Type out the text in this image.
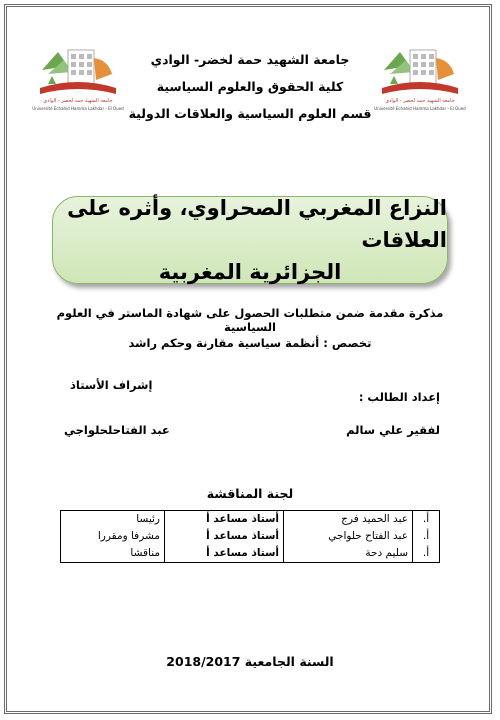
جامعة الشهيد حمه لخضر - الوادي
Université Echahid Hamma Lakhdar - El Oued
جامعة الشهيد حمه لخضر - الوادي
Université Echahid Hamma Lakhdar - El Oued
جامعة الشهيد حمة لخضر- الوادي
كلية الحقوق والعلوم السياسية
قسم العلوم السياسية والعلاقات الدولية
النزاع المغربي الصحراوي، وأثره على العلاقات
الجزائرية المغربية
مذكرة مقدمة ضمن متطلبات الحصول على شهادة الماستر في العلوم السياسية
تخصص : أنظمة سياسية مقارنة وحكم راشد
إعداد الطالب :
إشراف الأستاذ
لفقير علي سالم
عبد الفتاحلحلواجي
لجنة المناقشة
أ.	عبد الحميد فرج	أستاذ مساعد أ	رئيسا
أ.	عبد الفتاح حلواجي	أستاذ مساعد أ	مشرفا ومقررا
أ.	سليم دحة	أستاذ مساعد أ	مناقشا
السنة الجامعية 2018/2017
